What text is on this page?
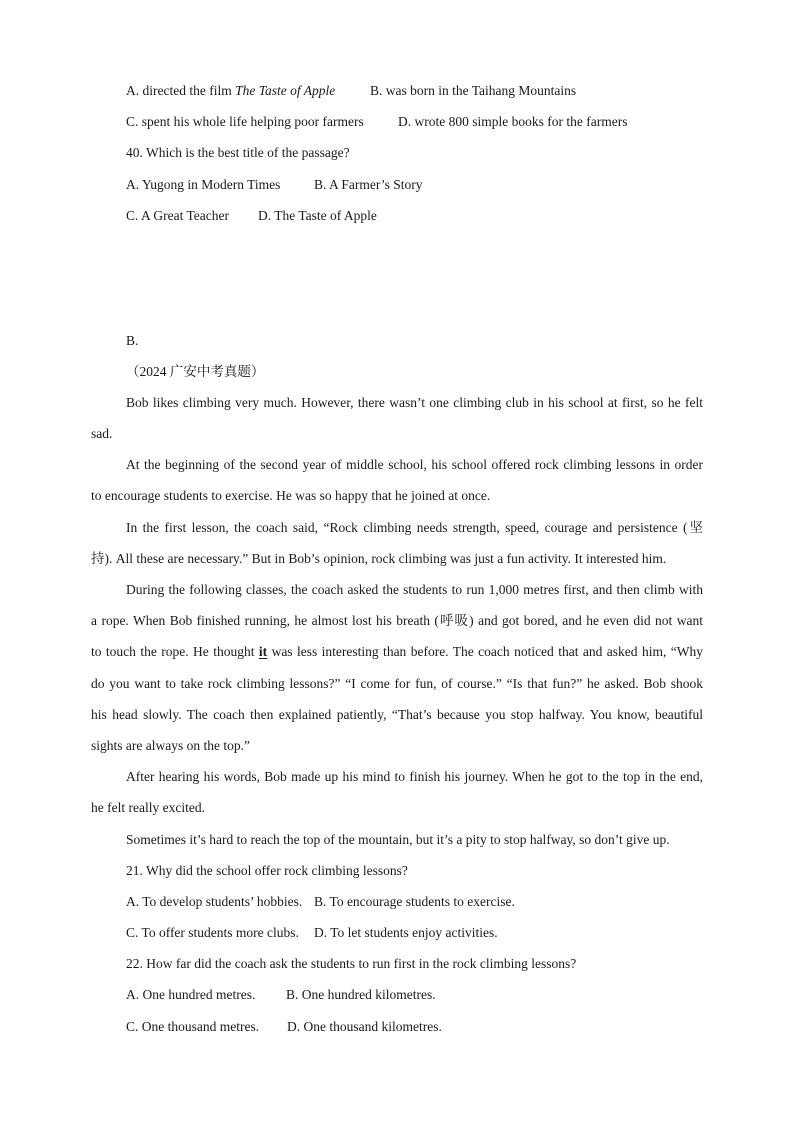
A. directed the film The Taste of Apple	B. was born in the Taihang Mountains
C. spent his whole life helping poor farmers	D. wrote 800 simple books for the farmers
40. Which is the best title of the passage?
A. Yugong in Modern Times B. A Farmer’s Story
C. A Great Teacher D. The Taste of Apple
B.
（2024 广安中考真题）
Bob likes climbing very much. However, there wasn’t one climbing club in his school at first, so he felt
sad.
At the beginning of the second year of middle school, his school offered rock climbing lessons in order
to encourage students to exercise. He was so happy that he joined at once.
In the first lesson, the coach said, “Rock climbing needs strength, speed, courage and persistence (坚
持). All these are necessary.” But in Bob’s opinion, rock climbing was just a fun activity. It interested him.
During the following classes, the coach asked the students to run 1,000 metres first, and then climb with
a rope. When Bob finished running, he almost lost his breath (呼吸) and got bored, and he even did not want
to touch the rope. He thought it was less interesting than before. The coach noticed that and asked him, “Why
do you want to take rock climbing lessons?” “I come for fun, of course.” “Is that fun?” he asked. Bob shook
his head slowly. The coach then explained patiently, “That’s because you stop halfway. You know, beautiful
sights are always on the top.”
After hearing his words, Bob made up his mind to finish his journey. When he got to the top in the end,
he felt really excited.
Sometimes it’s hard to reach the top of the mountain, but it’s a pity to stop halfway, so don’t give up.
21. Why did the school offer rock climbing lessons?
A. To develop students’ hobbies. B. To encourage students to exercise.
C. To offer students more clubs. D. To let students enjoy activities.
22. How far did the coach ask the students to run first in the rock climbing lessons?
A. One hundred metres. B. One hundred kilometres.
C. One thousand metres. D. One thousand kilometres.
